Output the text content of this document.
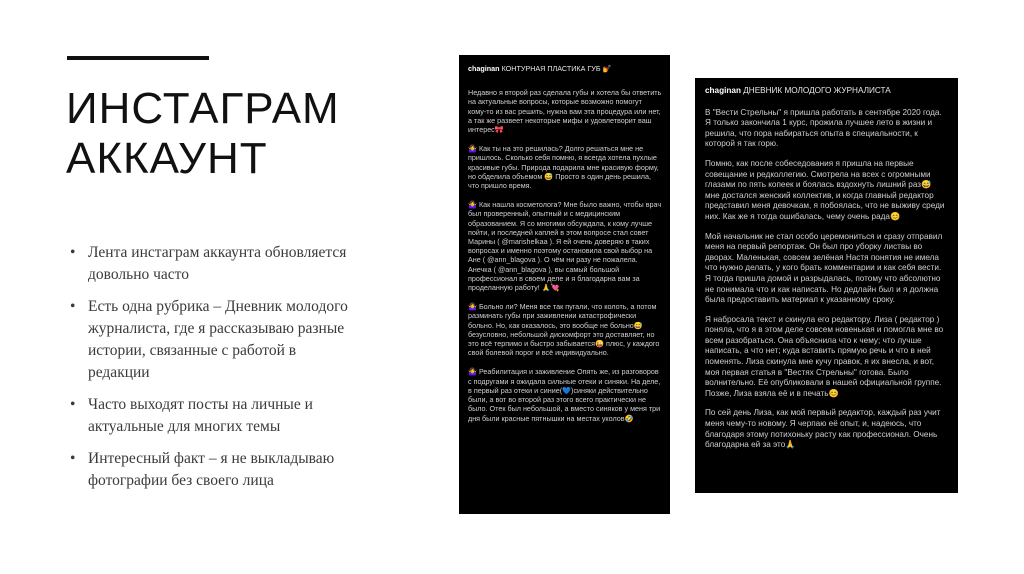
ИНСТАГРАМ
АККАУНТ
• Лента инстаграм аккаунта обновляется довольно часто
• Есть одна рубрика – Дневник молодого журналиста, где я рассказываю разные истории, связанные с работой в редакции
• Часто выходят посты на личные и актуальные для многих темы
• Интересный факт – я не выкладываю фотографии без своего лица
chaginan КОНТУРНАЯ ПЛАСТИКА ГУБ 💅

Недавно я второй раз сделала губы и хотела бы ответить на актуальные вопросы, которые возможно помогут кому-то из вас решить, нужна вам эта процедура или нет, а так же развеет некоторые мифы и удовлетворит ваш интерес🎀

🤷‍♀️ Как ты на это решилась? Долго решаться мне не пришлось. Сколько себя помню, я всегда хотела пухлые красивые губы. Природа подарила мне красивую форму, но обделила объемом 😅 Просто в один день решила, что пришло время.

🤷‍♀️ Как нашла косметолога? Мне было важно, чтобы врач был проверенный, опытный и с медицинским образованием. Я со многими обсуждала, к кому лучше пойти, и последней каплей в этом вопросе стал совет Марины ( @marishelkaa ). Я ей очень доверяю в таких вопросах и именно поэтому остановила свой выбор на Ане ( @ann_blagova ). О чём ни разу не пожалела. Анечка ( @ann_blagova ), вы самый большой профессионал в своем деле и я благодарна вам за проделанную работу! 🙏💘

🤷‍♀️ Больно ли? Меня все так пугали, что колоть, а потом разминать губы при заживлении катастрофически больно. Но, как оказалось, это вообще не больно😅 безусловно, небольшой дискомфорт это доставляет, но это всё терпимо и быстро забывается😜 плюс, у каждого свой болевой порог и всё индивидуально.

🤷‍♀️ Реабилитация и заживление Опять же, из разговоров с подругами я ожидала сильные отеки и синяки. На деле, в первый раз отеки и синие(💙)синяки действительно были, а вот во второй раз этого всего практически не было. Отек был небольшой, а вместо синяков у меня три дня были красные пятнышки на местах уколов🤣

chaginan ДНЕВНИК МОЛОДОГО ЖУРНАЛИСТА

В "Вести Стрельны" я пришла работать в сентябре 2020 года. Я только закончила 1 курс, прожила лучшее лето в жизни и решила, что пора набираться опыта в специальности, к которой я так горю.

Помню, как после собеседования я пришла на первые совещание и редколлегию. Смотрела на всех с огромными глазами по пять копеек и боялась вздохнуть лишний раз😅 мне достался женский коллектив, и когда главный редактор представил меня девочкам, я побоялась, что не выживу среди них. Как же я тогда ошибалась, чему очень рада😊

Мой начальник не стал особо церемониться и сразу отправил меня на первый репортаж. Он был про уборку листвы во дворах. Маленькая, совсем зелёная Настя понятия не имела что нужно делать, у кого брать комментарии и как себя вести. Я тогда пришла домой и разрыдалась, потому что абсолютно не понимала что и как написать. Но дедлайн был и я должна была предоставить материал к указанному сроку.

Я набросала текст и скинула его редактору. Лиза ( редактор ) поняла, что я в этом деле совсем новенькая и помогла мне во всем разобраться. Она объяснила что к чему; что лучше написать, а что нет; куда вставить прямую речь и что в ней поменять. Лиза скинула мне кучу правок, я их внесла, и вот, моя первая статья в "Вестях Стрельны" готова. Было волнительно. Её опубликовали в нашей официальной группе. Позже, Лиза взяла её и в печать😊

По сей день Лиза, как мой первый редактор, каждый раз учит меня чему-то новому. Я черпаю её опыт, и, надеюсь, что благодаря этому потихоньку расту как профессионал. Очень благодарна ей за это🙏
